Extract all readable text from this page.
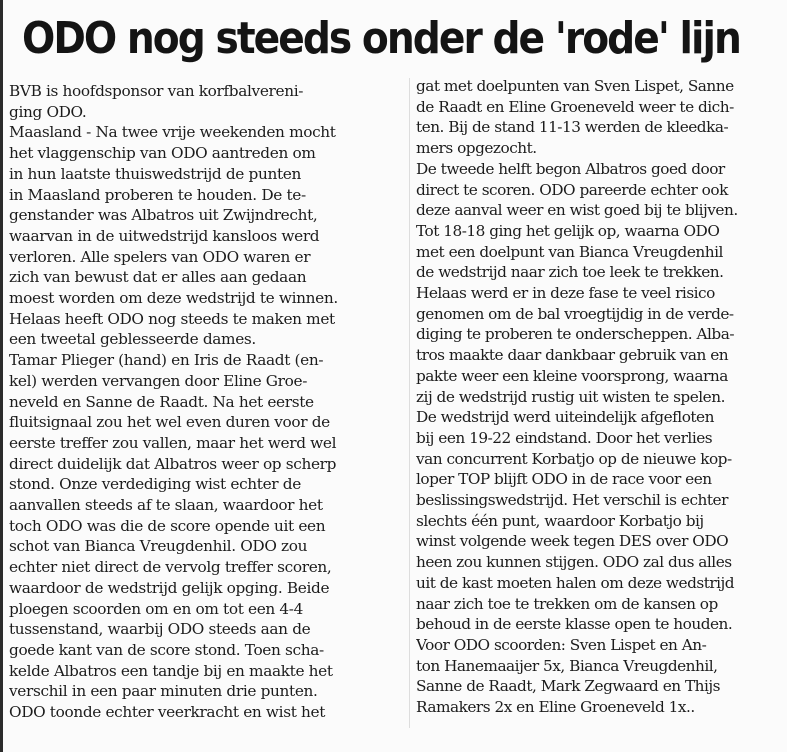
ODO nog steeds onder de 'rode' lijn
BVB is hoofdsponsor van korfbalvereni-
ging ODO.
Maasland - Na twee vrije weekenden mocht
het vlaggenschip van ODO aantreden om
in hun laatste thuiswedstrijd de punten
in Maasland proberen te houden. De te-
genstander was Albatros uit Zwijndrecht,
waarvan in de uitwedstrijd kansloos werd
verloren. Alle spelers van ODO waren er
zich van bewust dat er alles aan gedaan
moest worden om deze wedstrijd te winnen.
Helaas heeft ODO nog steeds te maken met
een tweetal geblesseerde dames.
Tamar Plieger (hand) en Iris de Raadt (en-
kel) werden vervangen door Eline Groe-
neveld en Sanne de Raadt. Na het eerste
fluitsignaal zou het wel even duren voor de
eerste treffer zou vallen, maar het werd wel
direct duidelijk dat Albatros weer op scherp
stond. Onze verdediging wist echter de
aanvallen steeds af te slaan, waardoor het
toch ODO was die de score opende uit een
schot van Bianca Vreugdenhil. ODO zou
echter niet direct de vervolg treffer scoren,
waardoor de wedstrijd gelijk opging. Beide
ploegen scoorden om en om tot een 4-4
tussenstand, waarbij ODO steeds aan de
goede kant van de score stond. Toen scha-
kelde Albatros een tandje bij en maakte het
verschil in een paar minuten drie punten.
ODO toonde echter veerkracht en wist het
gat met doelpunten van Sven Lispet, Sanne
de Raadt en Eline Groeneveld weer te dich-
ten. Bij de stand 11-13 werden de kleedka-
mers opgezocht.
De tweede helft begon Albatros goed door
direct te scoren. ODO pareerde echter ook
deze aanval weer en wist goed bij te blijven.
Tot 18-18 ging het gelijk op, waarna ODO
met een doelpunt van Bianca Vreugdenhil
de wedstrijd naar zich toe leek te trekken.
Helaas werd er in deze fase te veel risico
genomen om de bal vroegtijdig in de verde-
diging te proberen te onderscheppen. Alba-
tros maakte daar dankbaar gebruik van en
pakte weer een kleine voorsprong, waarna
zij de wedstrijd rustig uit wisten te spelen.
De wedstrijd werd uiteindelijk afgefloten
bij een 19-22 eindstand. Door het verlies
van concurrent Korbatjo op de nieuwe kop-
loper TOP blijft ODO in de race voor een
beslissingswedstrijd. Het verschil is echter
slechts één punt, waardoor Korbatjo bij
winst volgende week tegen DES over ODO
heen zou kunnen stijgen. ODO zal dus alles
uit de kast moeten halen om deze wedstrijd
naar zich toe te trekken om de kansen op
behoud in de eerste klasse open te houden.
Voor ODO scoorden: Sven Lispet en An-
ton Hanemaaijer 5x, Bianca Vreugdenhil,
Sanne de Raadt, Mark Zegwaard en Thijs
Ramakers 2x en Eline Groeneveld 1x..
